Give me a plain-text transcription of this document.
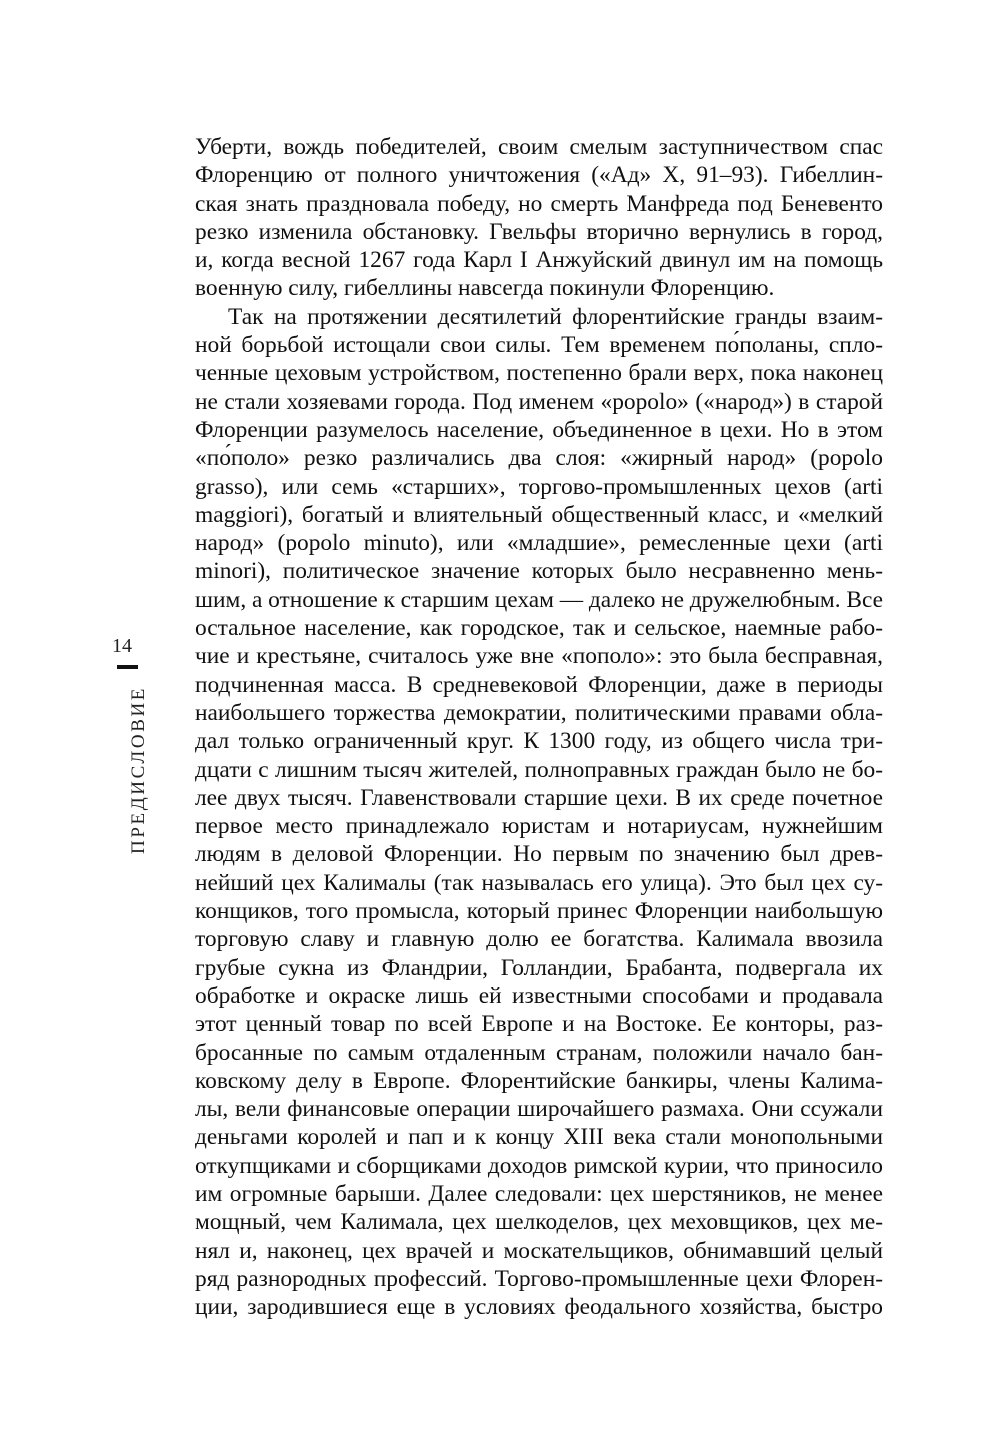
14
ПРЕДИСЛОВИЕ
Уберти, вождь победителей, своим смелым заступничеством спас
Флоренцию от полного уничтожения («Ад» X, 91–93). Гибеллин-
ская знать праздновала победу, но смерть Манфреда под Беневенто
резко изменила обстановку. Гвельфы вторично вернулись в город,
и, когда весной 1267 года Карл I Анжуйский двинул им на помощь
военную силу, гибеллины навсегда покинули Флоренцию.
Так на протяжении десятилетий флорентийские гранды взаим-
ной борьбой истощали свои силы. Тем временем по́поланы, спло-
ченные цеховым устройством, постепенно брали верх, пока наконец
не стали хозяевами города. Под именем «popolo» («народ») в старой
Флоренции разумелось население, объединенное в цехи. Но в этом
«по́поло» резко различались два слоя: «жирный народ» (popolo
grasso), или семь «старших», торгово-промышленных цехов (arti
maggiori), богатый и влиятельный общественный класс, и «мелкий
народ» (popolo minuto), или «младшие», ремесленные цехи (arti
minori), политическое значение которых было несравненно мень-
шим, а отношение к старшим цехам — далеко не дружелюбным. Все
остальное население, как городское, так и сельское, наемные рабо-
чие и крестьяне, считалось уже вне «пополо»: это была бесправная,
подчиненная масса. В средневековой Флоренции, даже в периоды
наибольшего торжества демократии, политическими правами обла-
дал только ограниченный круг. К 1300 году, из общего числа три-
дцати с лишним тысяч жителей, полноправных граждан было не бо-
лее двух тысяч. Главенствовали старшие цехи. В их среде почетное
первое место принадлежало юристам и нотариусам, нужнейшим
людям в деловой Флоренции. Но первым по значению был древ-
нейший цех Калималы (так называлась его улица). Это был цех су-
конщиков, того промысла, который принес Флоренции наибольшую
торговую славу и главную долю ее богатства. Калимала ввозила
грубые сукна из Фландрии, Голландии, Брабанта, подвергала их
обработке и окраске лишь ей известными способами и продавала
этот ценный товар по всей Европе и на Востоке. Ее конторы, раз-
бросанные по самым отдаленным странам, положили начало бан-
ковскому делу в Европе. Флорентийские банкиры, члены Калима-
лы, вели финансовые операции широчайшего размаха. Они ссужали
деньгами королей и пап и к концу XIII века стали монопольными
откупщиками и сборщиками доходов римской курии, что приносило
им огромные барыши. Далее следовали: цех шерстяников, не менее
мощный, чем Калимала, цех шелкоделов, цех меховщиков, цех ме-
нял и, наконец, цех врачей и москательщиков, обнимавший целый
ряд разнородных профессий. Торгово-промышленные цехи Флорен-
ции, зародившиеся еще в условиях феодального хозяйства, быстро
